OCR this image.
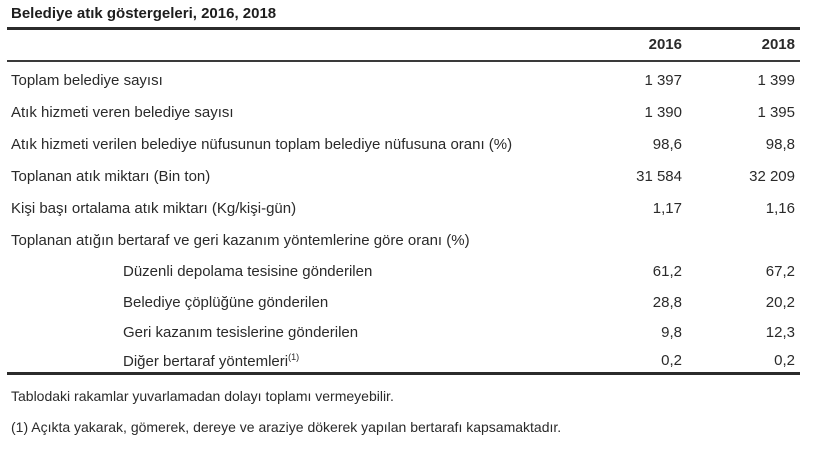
Belediye atık göstergeleri, 2016, 2018
2016	2018
Toplam belediye sayısı	1 397	1 399
Atık hizmeti veren belediye sayısı	1 390	1 395
Atık hizmeti verilen belediye nüfusunun toplam belediye nüfusuna oranı (%)	98,6	98,8
Toplanan atık miktarı (Bin ton)	31 584	32 209
Kişi başı ortalama atık miktarı (Kg/kişi-gün)	1,17	1,16
Toplanan atığın bertaraf ve geri kazanım yöntemlerine göre oranı (%)
Düzenli depolama tesisine gönderilen	61,2	67,2
Belediye çöplüğüne gönderilen	28,8	20,2
Geri kazanım tesislerine gönderilen	9,8	12,3
Diğer bertaraf yöntemleri$^{(1)}$	0,2	0,2
Tablodaki rakamlar yuvarlamadan dolayı toplamı vermeyebilir.
(1) Açıkta yakarak, gömerek, dereye ve araziye dökerek yapılan bertarafı kapsamaktadır.
